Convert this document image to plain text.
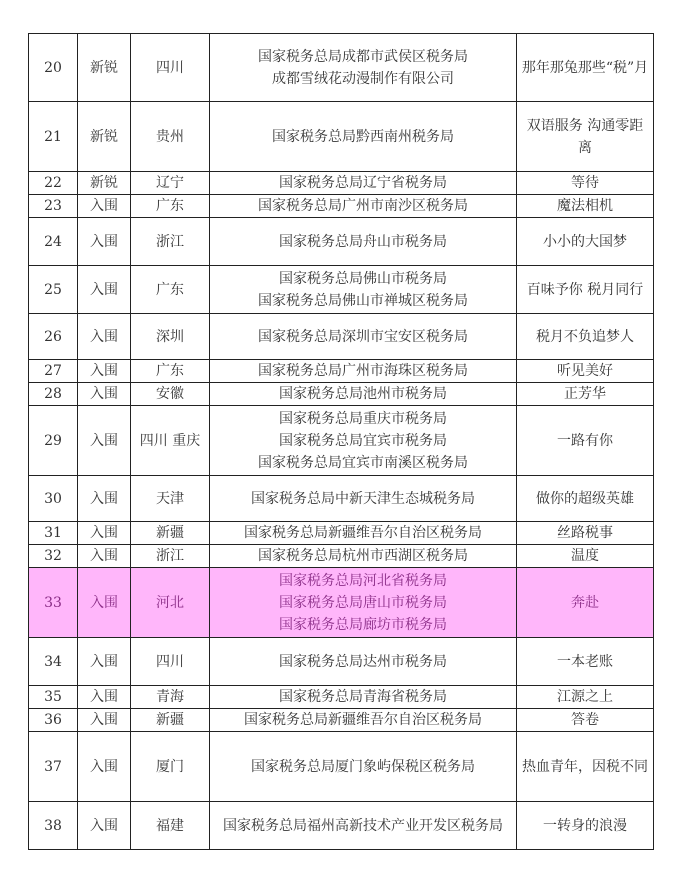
20	新锐	四川	国家税务总局成都市武侯区税务局
成都雪绒花动漫制作有限公司	那年那兔那些“税”月
21	新锐	贵州	国家税务总局黔西南州税务局	双语服务 沟通零距离
22	新锐	辽宁	国家税务总局辽宁省税务局	等待
23	入围	广东	国家税务总局广州市南沙区税务局	魔法相机
24	入围	浙江	国家税务总局舟山市税务局	小小的大国梦
25	入围	广东	国家税务总局佛山市税务局
国家税务总局佛山市禅城区税务局	百味予你 税月同行
26	入围	深圳	国家税务总局深圳市宝安区税务局	税月不负追梦人
27	入围	广东	国家税务总局广州市海珠区税务局	听见美好
28	入围	安徽	国家税务总局池州市税务局	正芳华
29	入围	四川 重庆	国家税务总局重庆市税务局
国家税务总局宜宾市税务局
国家税务总局宜宾市南溪区税务局	一路有你
30	入围	天津	国家税务总局中新天津生态城税务局	做你的超级英雄
31	入围	新疆	国家税务总局新疆维吾尔自治区税务局	丝路税事
32	入围	浙江	国家税务总局杭州市西湖区税务局	温度
33	入围	河北	国家税务总局河北省税务局
国家税务总局唐山市税务局
国家税务总局廊坊市税务局	奔赴
34	入围	四川	国家税务总局达州市税务局	一本老账
35	入围	青海	国家税务总局青海省税务局	江源之上
36	入围	新疆	国家税务总局新疆维吾尔自治区税务局	答卷
37	入围	厦门	国家税务总局厦门象屿保税区税务局	热血青年，因税不同
38	入围	福建	国家税务总局福州高新技术产业开发区税务局	一转身的浪漫
